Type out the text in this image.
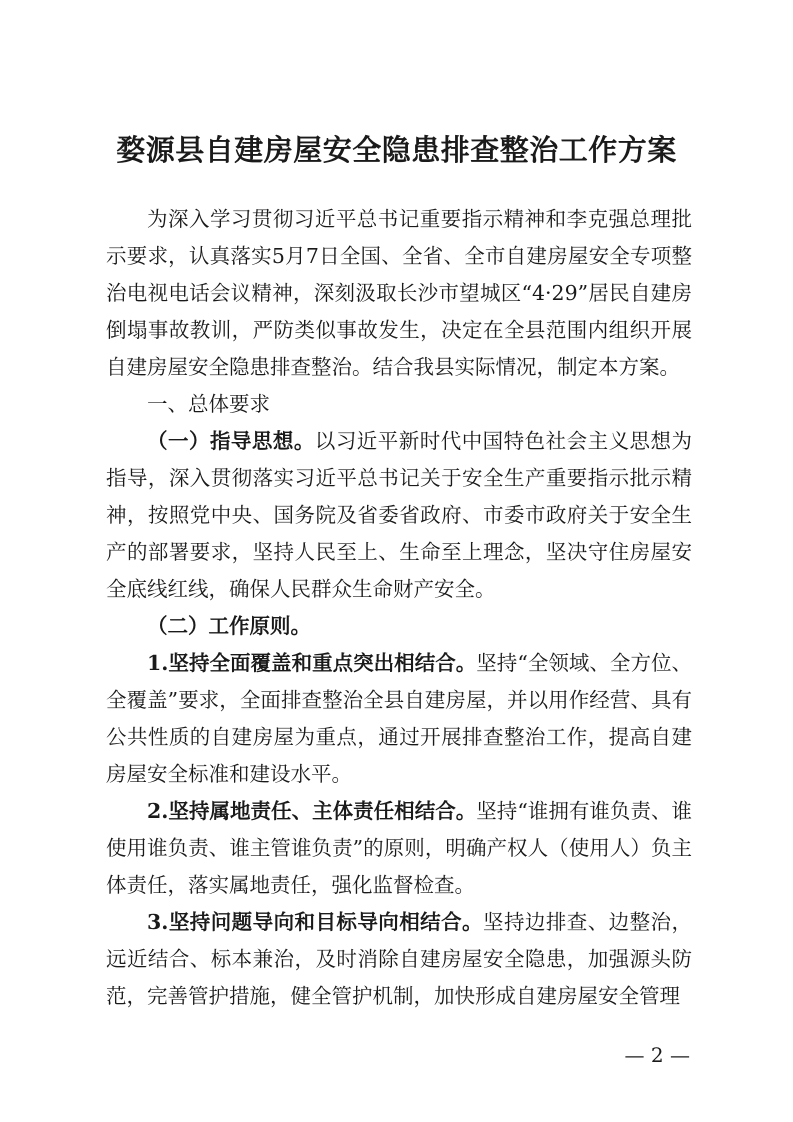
婺源县自建房屋安全隐患排查整治工作方案

为深入学习贯彻习近平总书记重要指示精神和李克强总理批示要求，认真落实5月7日全国、全省、全市自建房屋安全专项整治电视电话会议精神，深刻汲取长沙市望城区“4·29”居民自建房倒塌事故教训，严防类似事故发生，决定在全县范围内组织开展自建房屋安全隐患排查整治。结合我县实际情况，制定本方案。

一、总体要求

（一）指导思想。以习近平新时代中国特色社会主义思想为指导，深入贯彻落实习近平总书记关于安全生产重要指示批示精神，按照党中央、国务院及省委省政府、市委市政府关于安全生产的部署要求，坚持人民至上、生命至上理念，坚决守住房屋安全底线红线，确保人民群众生命财产安全。

（二）工作原则。

1.坚持全面覆盖和重点突出相结合。坚持“全领域、全方位、全覆盖”要求，全面排查整治全县自建房屋，并以用作经营、具有公共性质的自建房屋为重点，通过开展排查整治工作，提高自建房屋安全标准和建设水平。

2.坚持属地责任、主体责任相结合。坚持“谁拥有谁负责、谁使用谁负责、谁主管谁负责”的原则，明确产权人（使用人）负主体责任，落实属地责任，强化监督检查。

3.坚持问题导向和目标导向相结合。坚持边排查、边整治，远近结合、标本兼治，及时消除自建房屋安全隐患，加强源头防范，完善管护措施，健全管护机制，加快形成自建房屋安全管理

— 2 —
